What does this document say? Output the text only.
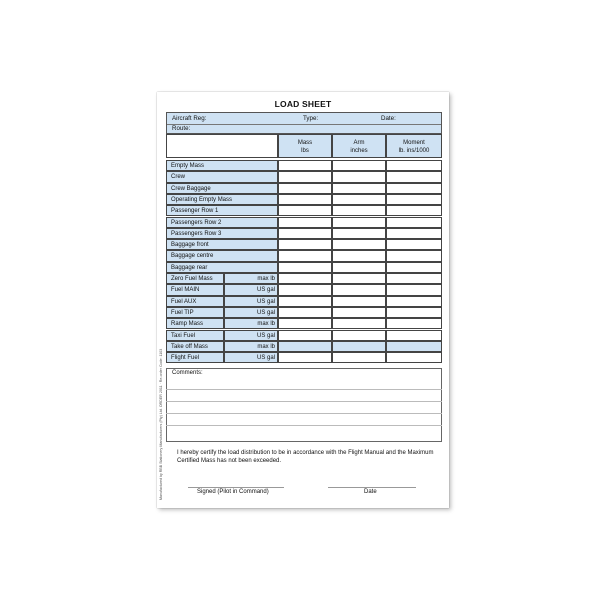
LOAD SHEET
Manufactured by RBB Stationery Manufacturers (Pty) Ltd. ORDER 2011 · Re-order Code: 1103
Aircraft Reg:	Type:	Date:
Route:
Mass
lbs
Arm
inches
Moment
lb. ins/1000
Empty Mass
Crew
Crew Baggage
Operating Empty Mass
Passenger Row 1
Passengers Row 2
Passengers Row 3
Baggage front
Baggage centre
Baggage rear
Zero Fuel Mass	max lb
Fuel MAIN	US gal
Fuel AUX	US gal
Fuel TIP	US gal
Ramp Mass	max lb
Taxi Fuel	US gal
Take off Mass	max lb
Flight Fuel	US gal
Comments:
I hereby certify the load distribution to be in accordance with the Flight Manual and the Maximum Certified Mass has not been exceeded.
Signed (Pilot in Command)	Date
